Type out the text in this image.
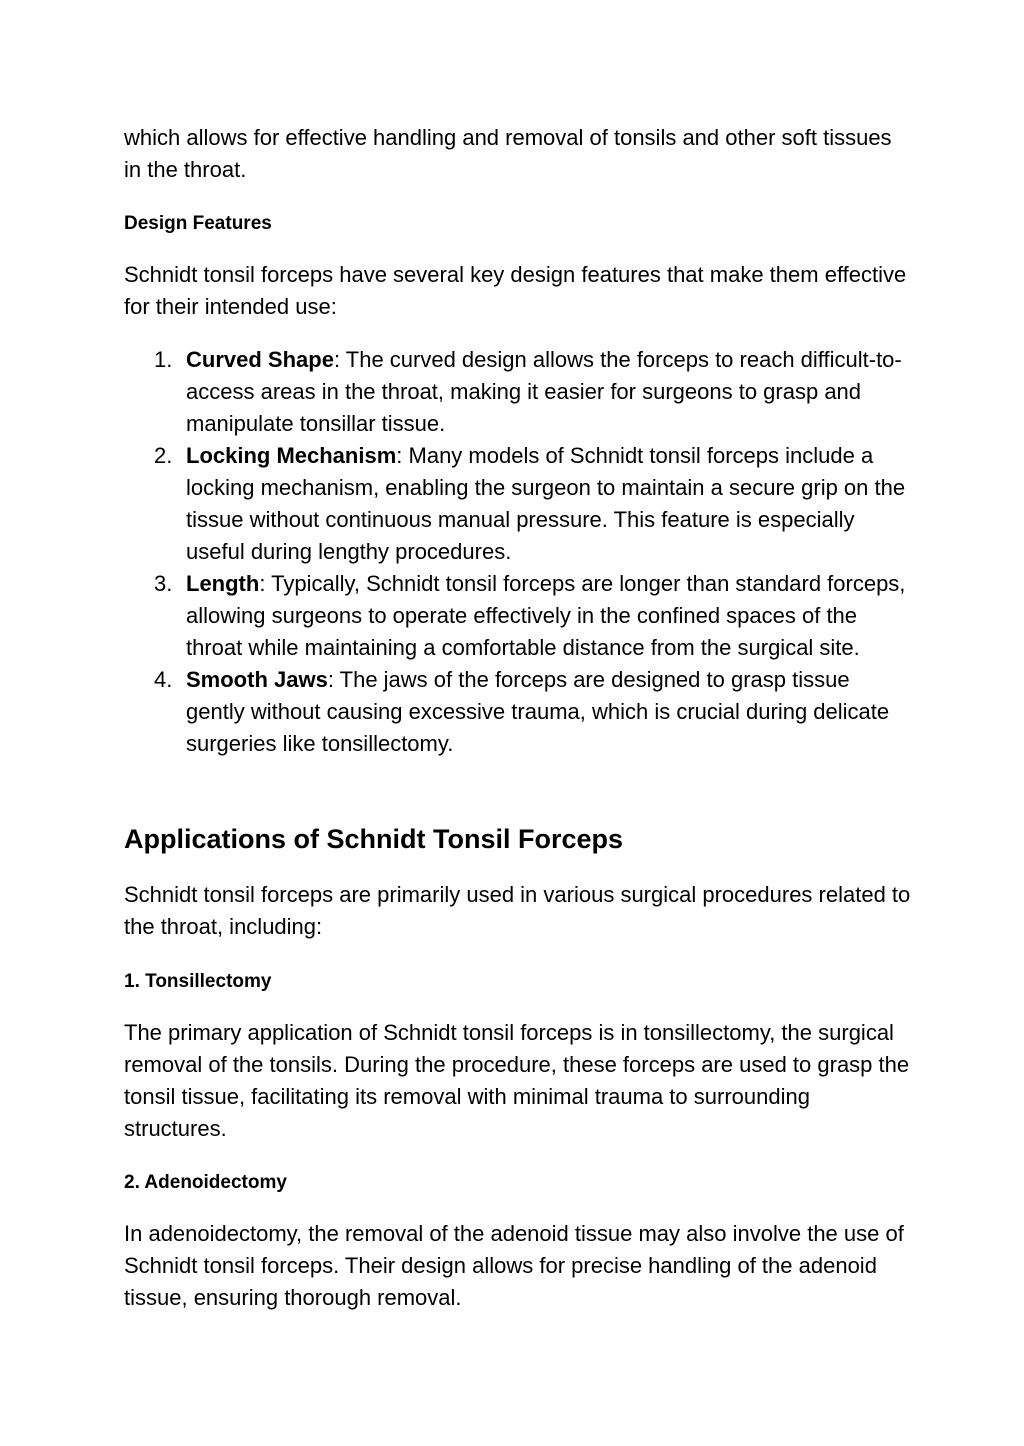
which allows for effective handling and removal of tonsils and other soft tissues in the throat.

Design Features

Schnidt tonsil forceps have several key design features that make them effective for their intended use:

1. Curved Shape: The curved design allows the forceps to reach difficult-to-access areas in the throat, making it easier for surgeons to grasp and manipulate tonsillar tissue.
2. Locking Mechanism: Many models of Schnidt tonsil forceps include a locking mechanism, enabling the surgeon to maintain a secure grip on the tissue without continuous manual pressure. This feature is especially useful during lengthy procedures.
3. Length: Typically, Schnidt tonsil forceps are longer than standard forceps, allowing surgeons to operate effectively in the confined spaces of the throat while maintaining a comfortable distance from the surgical site.
4. Smooth Jaws: The jaws of the forceps are designed to grasp tissue gently without causing excessive trauma, which is crucial during delicate surgeries like tonsillectomy.
Applications of Schnidt Tonsil Forceps

Schnidt tonsil forceps are primarily used in various surgical procedures related to the throat, including:

1. Tonsillectomy

The primary application of Schnidt tonsil forceps is in tonsillectomy, the surgical removal of the tonsils. During the procedure, these forceps are used to grasp the tonsil tissue, facilitating its removal with minimal trauma to surrounding structures.

2. Adenoidectomy

In adenoidectomy, the removal of the adenoid tissue may also involve the use of Schnidt tonsil forceps. Their design allows for precise handling of the adenoid tissue, ensuring thorough removal.
